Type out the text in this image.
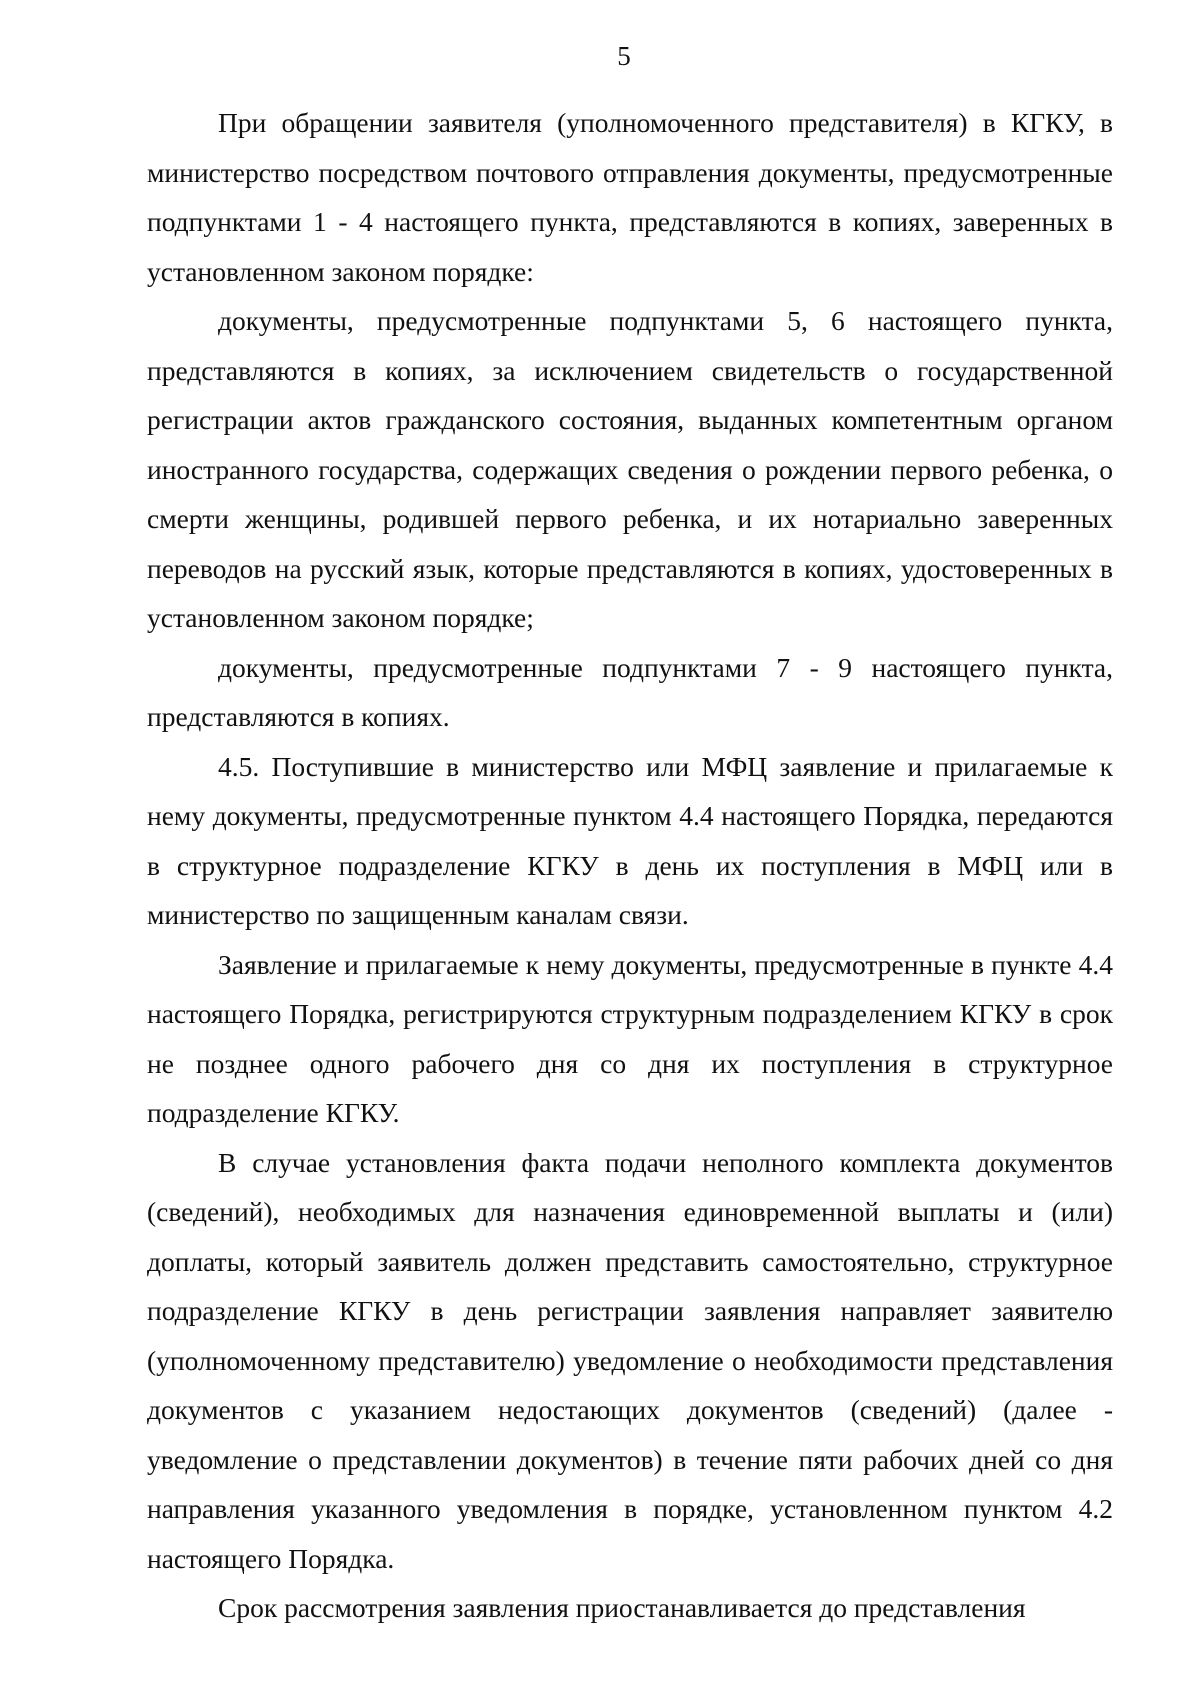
5

При обращении заявителя (уполномоченного представителя) в КГКУ, в министерство посредством почтового отправления документы, предусмотренные подпунктами 1 - 4 настоящего пункта, представляются в копиях, заверенных в установленном законом порядке:

документы, предусмотренные подпунктами 5, 6 настоящего пункта, представляются в копиях, за исключением свидетельств о государственной регистрации актов гражданского состояния, выданных компетентным органом иностранного государства, содержащих сведения о рождении первого ребенка, о смерти женщины, родившей первого ребенка, и их нотариально заверенных переводов на русский язык, которые представляются в копиях, удостоверенных в установленном законом порядке;

документы, предусмотренные подпунктами 7 - 9 настоящего пункта, представляются в копиях.

4.5. Поступившие в министерство или МФЦ заявление и прилагаемые к нему документы, предусмотренные пунктом 4.4 настоящего Порядка, передаются в структурное подразделение КГКУ в день их поступления в МФЦ или в министерство по защищенным каналам связи.

Заявление и прилагаемые к нему документы, предусмотренные в пункте 4.4 настоящего Порядка, регистрируются структурным подразделением КГКУ в срок не позднее одного рабочего дня со дня их поступления в структурное подразделение КГКУ.

В случае установления факта подачи неполного комплекта документов (сведений), необходимых для назначения единовременной выплаты и (или) доплаты, который заявитель должен представить самостоятельно, структурное подразделение КГКУ в день регистрации заявления направляет заявителю (уполномоченному представителю) уведомление о необходимости представления документов с указанием недостающих документов (сведений) (далее - уведомление о представлении документов) в течение пяти рабочих дней со дня направления указанного уведомления в порядке, установленном пунктом 4.2 настоящего Порядка.

Срок рассмотрения заявления приостанавливается до представления
